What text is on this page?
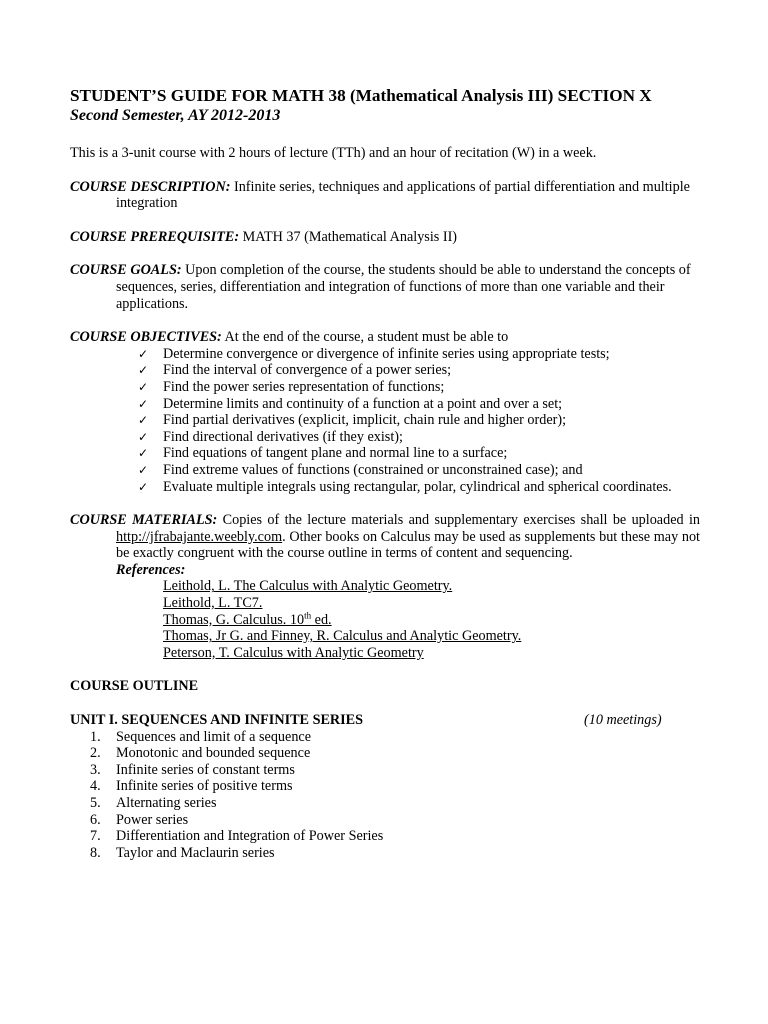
STUDENT’S GUIDE FOR MATH 38 (Mathematical Analysis III) SECTION X
Second Semester, AY 2012-2013

This is a 3-unit course with 2 hours of lecture (TTh) and an hour of recitation (W) in a week.

COURSE DESCRIPTION: Infinite series, techniques and applications of partial differentiation and multiple integration

COURSE PREREQUISITE: MATH 37 (Mathematical Analysis II)

COURSE GOALS: Upon completion of the course, the students should be able to understand the concepts of sequences, series, differentiation and integration of functions of more than one variable and their applications.

COURSE OBJECTIVES: At the end of the course, a student must be able to

✓ Determine convergence or divergence of infinite series using appropriate tests;
✓ Find the interval of convergence of a power series;
✓ Find the power series representation of functions;
✓ Determine limits and continuity of a function at a point and over a set;
✓ Find partial derivatives (explicit, implicit, chain rule and higher order);
✓ Find directional derivatives (if they exist);
✓ Find equations of tangent plane and normal line to a surface;
✓ Find extreme values of functions (constrained or unconstrained case); and
✓ Evaluate multiple integrals using rectangular, polar, cylindrical and spherical coordinates.

COURSE MATERIALS: Copies of the lecture materials and supplementary exercises shall be uploaded in http://jfrabajante.weebly.com. Other books on Calculus may be used as supplements but these may not be exactly congruent with the course outline in terms of content and sequencing.

References:

Leithold, L. The Calculus with Analytic Geometry.
Leithold, L. TC7.
Thomas, G. Calculus. 10th ed.
Thomas, Jr G. and Finney, R. Calculus and Analytic Geometry.
Peterson, T. Calculus with Analytic Geometry

COURSE OUTLINE

UNIT I. SEQUENCES AND INFINITE SERIES	(10 meetings)
1. Sequences and limit of a sequence
2. Monotonic and bounded sequence
3. Infinite series of constant terms
4. Infinite series of positive terms
5. Alternating series
6. Power series
7. Differentiation and Integration of Power Series
8. Taylor and Maclaurin series
